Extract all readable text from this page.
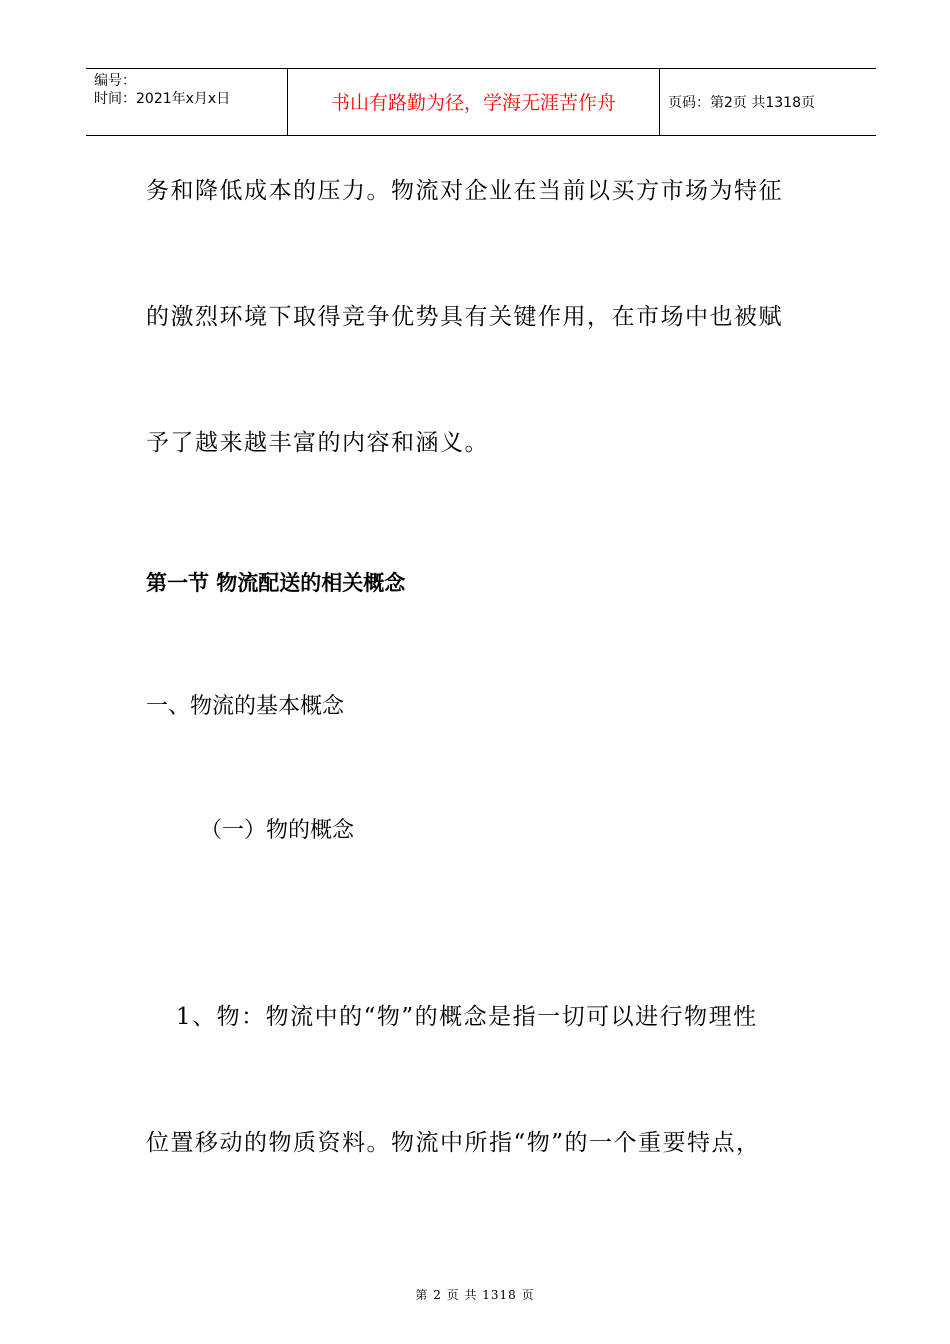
编号：
时间：2021年x月x日	书山有路勤为径，学海无涯苦作舟	页码：第2页 共1318页
务和降低成本的压力。物流对企业在当前以买方市场为特征
的激烈环境下取得竞争优势具有关键作用，在市场中也被赋
予了越来越丰富的内容和涵义。
第一节 物流配送的相关概念
一、物流的基本概念
（一）物的概念
1、物：物流中的“物”的概念是指一切可以进行物理性
位置移动的物质资料。物流中所指“物”的一个重要特点，
第 2 页 共 1318 页
